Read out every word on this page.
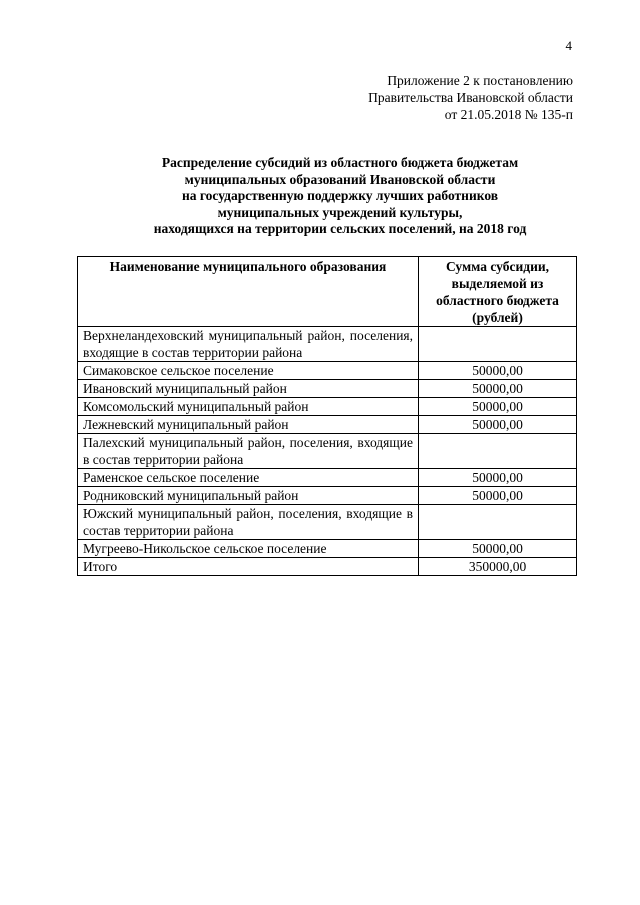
4
Приложение 2 к постановлению
Правительства Ивановской области
от 21.05.2018 № 135-п
Распределение субсидий из областного бюджета бюджетам
муниципальных образований Ивановской области
на государственную поддержку лучших работников
муниципальных учреждений культуры,
находящихся на территории сельских поселений, на 2018 год
Наименование муниципального образования	Сумма субсидии, выделяемой из областного бюджета (рублей)
Верхнеландеховский муниципальный район, поселения, входящие в состав территории района	
Симаковское сельское поселение	50000,00
Ивановский муниципальный район	50000,00
Комсомольский муниципальный район	50000,00
Лежневский муниципальный район	50000,00
Палехский муниципальный район, поселения, входящие в состав территории района	
Раменское сельское поселение	50000,00
Родниковский муниципальный район	50000,00
Южский муниципальный район, поселения, входящие в состав территории района	
Мугреево-Никольское сельское поселение	50000,00
Итого	350000,00
